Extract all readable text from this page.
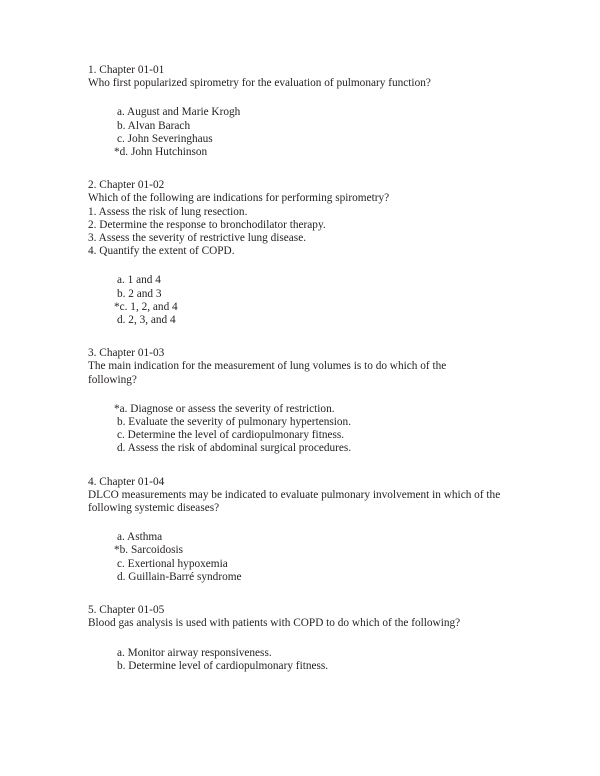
1. Chapter 01-01
Who first popularized spirometry for the evaluation of pulmonary function?
a. August and Marie Krogh
b. Alvan Barach
c. John Severinghaus
*d. John Hutchinson
2. Chapter 01-02
Which of the following are indications for performing spirometry?
1. Assess the risk of lung resection.
2. Determine the response to bronchodilator therapy.
3. Assess the severity of restrictive lung disease.
4. Quantify the extent of COPD.
a. 1 and 4
b. 2 and 3
*c. 1, 2, and 4
d. 2, 3, and 4
3. Chapter 01-03
The main indication for the measurement of lung volumes is to do which of the following?
*a. Diagnose or assess the severity of restriction.
b. Evaluate the severity of pulmonary hypertension.
c. Determine the level of cardiopulmonary fitness.
d. Assess the risk of abdominal surgical procedures.
4. Chapter 01-04
DLCO measurements may be indicated to evaluate pulmonary involvement in which of the following systemic diseases?
a. Asthma
*b. Sarcoidosis
c. Exertional hypoxemia
d. Guillain-Barré syndrome
5. Chapter 01-05
Blood gas analysis is used with patients with COPD to do which of the following?
a. Monitor airway responsiveness.
b. Determine level of cardiopulmonary fitness.
